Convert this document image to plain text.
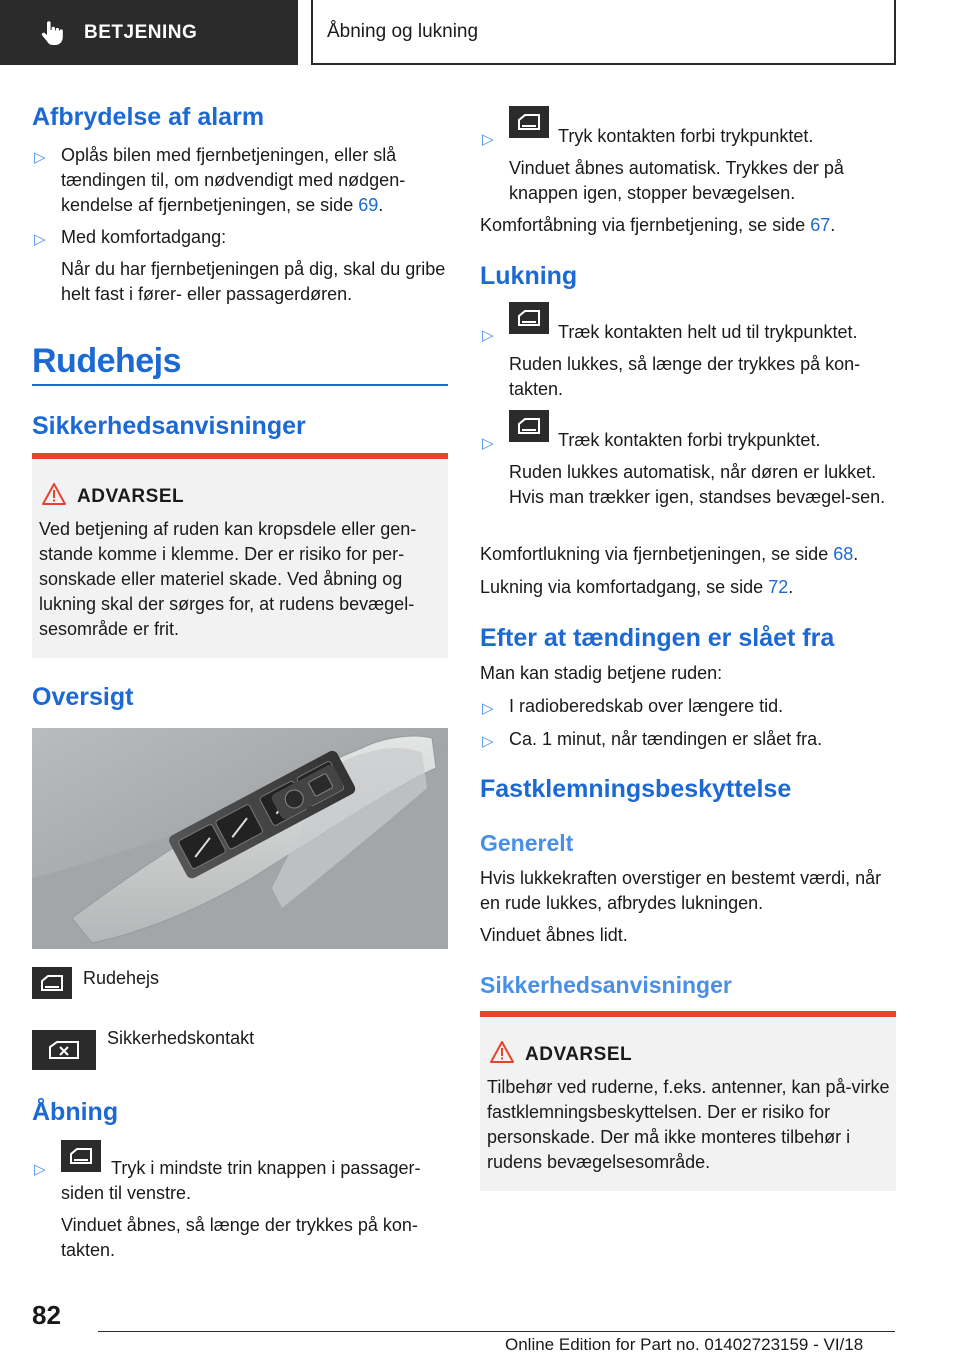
BETJENING	Åbning og lukning
Afbrydelse af alarm
▷ Oplås bilen med fjernbetjeningen, eller slå tændingen til, om nødvendigt med nødgen-kendelse af fjernbetjeningen, se side 69.
▷ Med komfortadgang:
Når du har fjernbetjeningen på dig, skal du gribe helt fast i fører- eller passagerdøren.
Rudehejs
Sikkerhedsanvisninger
ADVARSEL
Ved betjening af ruden kan kropsdele eller gen-stande komme i klemme. Der er risiko for per-sonskade eller materiel skade. Ved åbning og lukning skal der sørges for, at rudens bevægel-sesområde er frit.
Oversigt
Rudehejs
Sikkerhedskontakt
Åbning
▷	Tryk i mindste trin knappen i passager-siden til venstre.
Vinduet åbnes, så længe der trykkes på kon-takten.
▷	Tryk kontakten forbi trykpunktet.
Vinduet åbnes automatisk. Trykkes der på knappen igen, stopper bevægelsen.
Komfortåbning via fjernbetjening, se side 67.
Lukning
▷	Træk kontakten helt ud til trykpunktet.
Ruden lukkes, så længe der trykkes på kon-takten.
▷	Træk kontakten forbi trykpunktet.
Ruden lukkes automatisk, når døren er lukket. Hvis man trækker igen, standses bevægel-sen.
Komfortlukning via fjernbetjeningen, se side 68.
Lukning via komfortadgang, se side 72.
Efter at tændingen er slået fra
Man kan stadig betjene ruden:
▷ I radioberedskab over længere tid.
▷ Ca. 1 minut, når tændingen er slået fra.
Fastklemningsbeskyttelse
Generelt
Hvis lukkekraften overstiger en bestemt værdi, når en rude lukkes, afbrydes lukningen.
Vinduet åbnes lidt.
Sikkerhedsanvisninger
ADVARSEL
Tilbehør ved ruderne, f.eks. antenner, kan på-virke fastklemningsbeskyttelsen. Der er risiko for personskade. Der må ikke monteres tilbehør i rudens bevægelsesområde.
82
Online Edition for Part no. 01402723159 - VI/18
